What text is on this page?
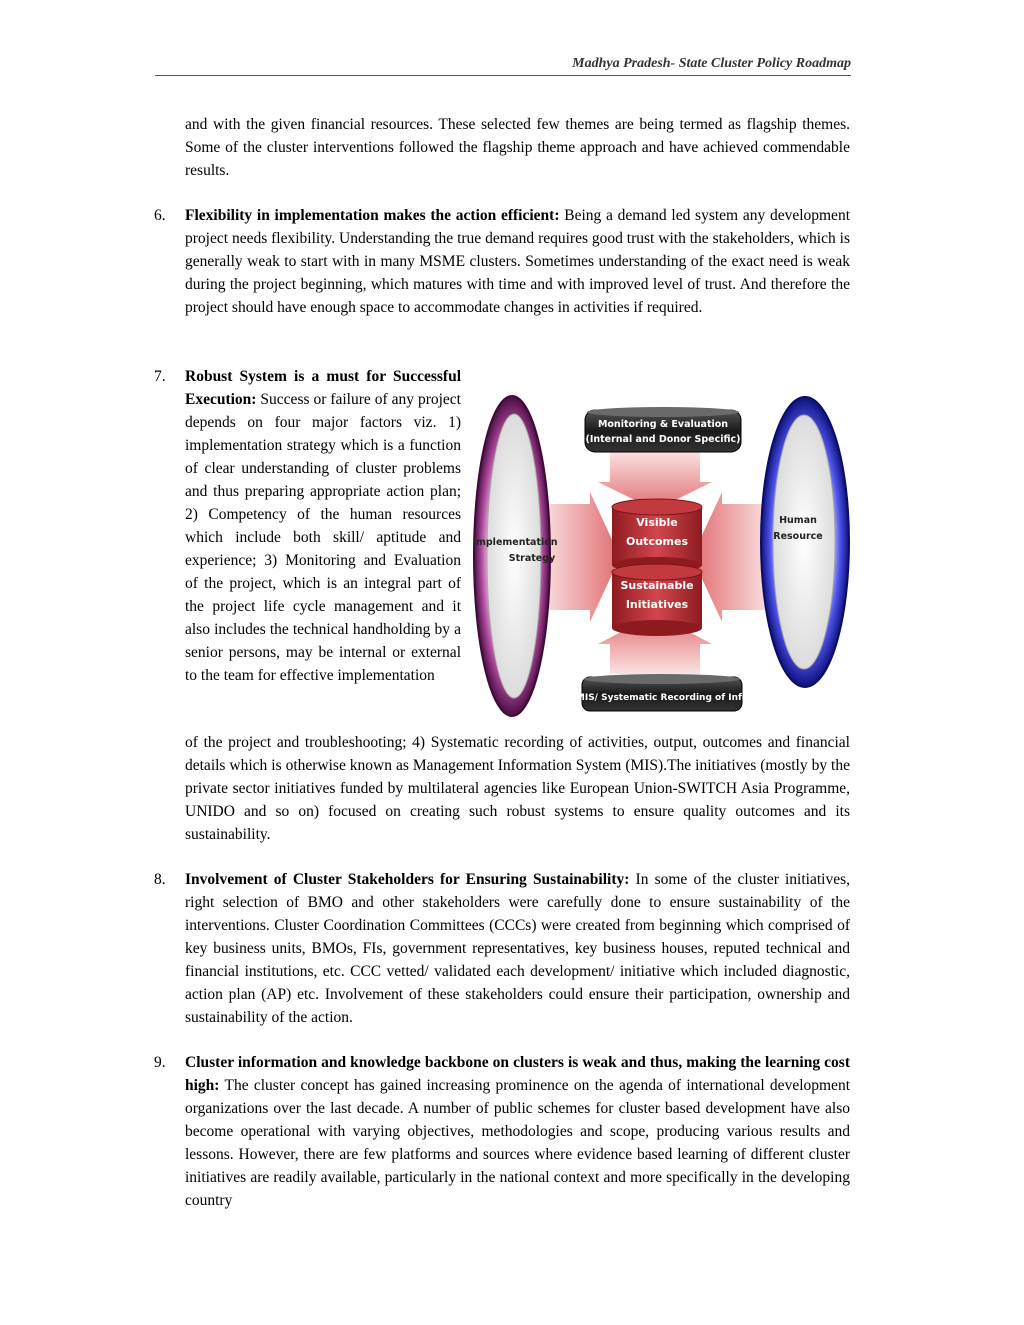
Madhya Pradesh- State Cluster Policy Roadmap
and with the given financial resources. These selected few themes are being termed as flagship themes. Some of the cluster interventions followed the flagship theme approach and have achieved commendable results.
6. Flexibility in implementation makes the action efficient: Being a demand led system any development project needs flexibility. Understanding the true demand requires good trust with the stakeholders, which is generally weak to start with in many MSME clusters. Sometimes understanding of the exact need is weak during the project beginning, which matures with time and with improved level of trust. And therefore the project should have enough space to accommodate changes in activities if required.
7. Robust System is a must for Successful Execution: Success or failure of any project depends on four major factors viz. 1) implementation strategy which is a function of clear understanding of cluster problems and thus preparing appropriate action plan; 2) Competency of the human resources which include both skill/ aptitude and experience; 3) Monitoring and Evaluation of the project, which is an integral part of the project life cycle management and it also includes the technical handholding by a senior persons, may be internal or external to the team for effective implementation
of the project and troubleshooting; 4) Systematic recording of activities, output, outcomes and financial details which is otherwise known as Management Information System (MIS).The initiatives (mostly by the private sector initiatives funded by multilateral agencies like European Union-SWITCH Asia Programme, UNIDO and so on) focused on creating such robust systems to ensure quality outcomes and its sustainability.
Implementation
Strategy
Human
Resource
Monitoring & Evaluation
(Internal and Donor Specific)
MIS/ Systematic Recording of Info
Visible
Outcomes
Sustainable
Initiatives
8. Involvement of Cluster Stakeholders for Ensuring Sustainability: In some of the cluster initiatives, right selection of BMO and other stakeholders were carefully done to ensure sustainability of the interventions. Cluster Coordination Committees (CCCs) were created from beginning which comprised of key business units, BMOs, FIs, government representatives, key business houses, reputed technical and financial institutions, etc. CCC vetted/ validated each development/ initiative which included diagnostic, action plan (AP) etc. Involvement of these stakeholders could ensure their participation, ownership and sustainability of the action.
9. Cluster information and knowledge backbone on clusters is weak and thus, making the learning cost high: The cluster concept has gained increasing prominence on the agenda of international development organizations over the last decade. A number of public schemes for cluster based development have also become operational with varying objectives, methodologies and scope, producing various results and lessons. However, there are few platforms and sources where evidence based learning of different cluster initiatives are readily available, particularly in the national context and more specifically in the developing country
